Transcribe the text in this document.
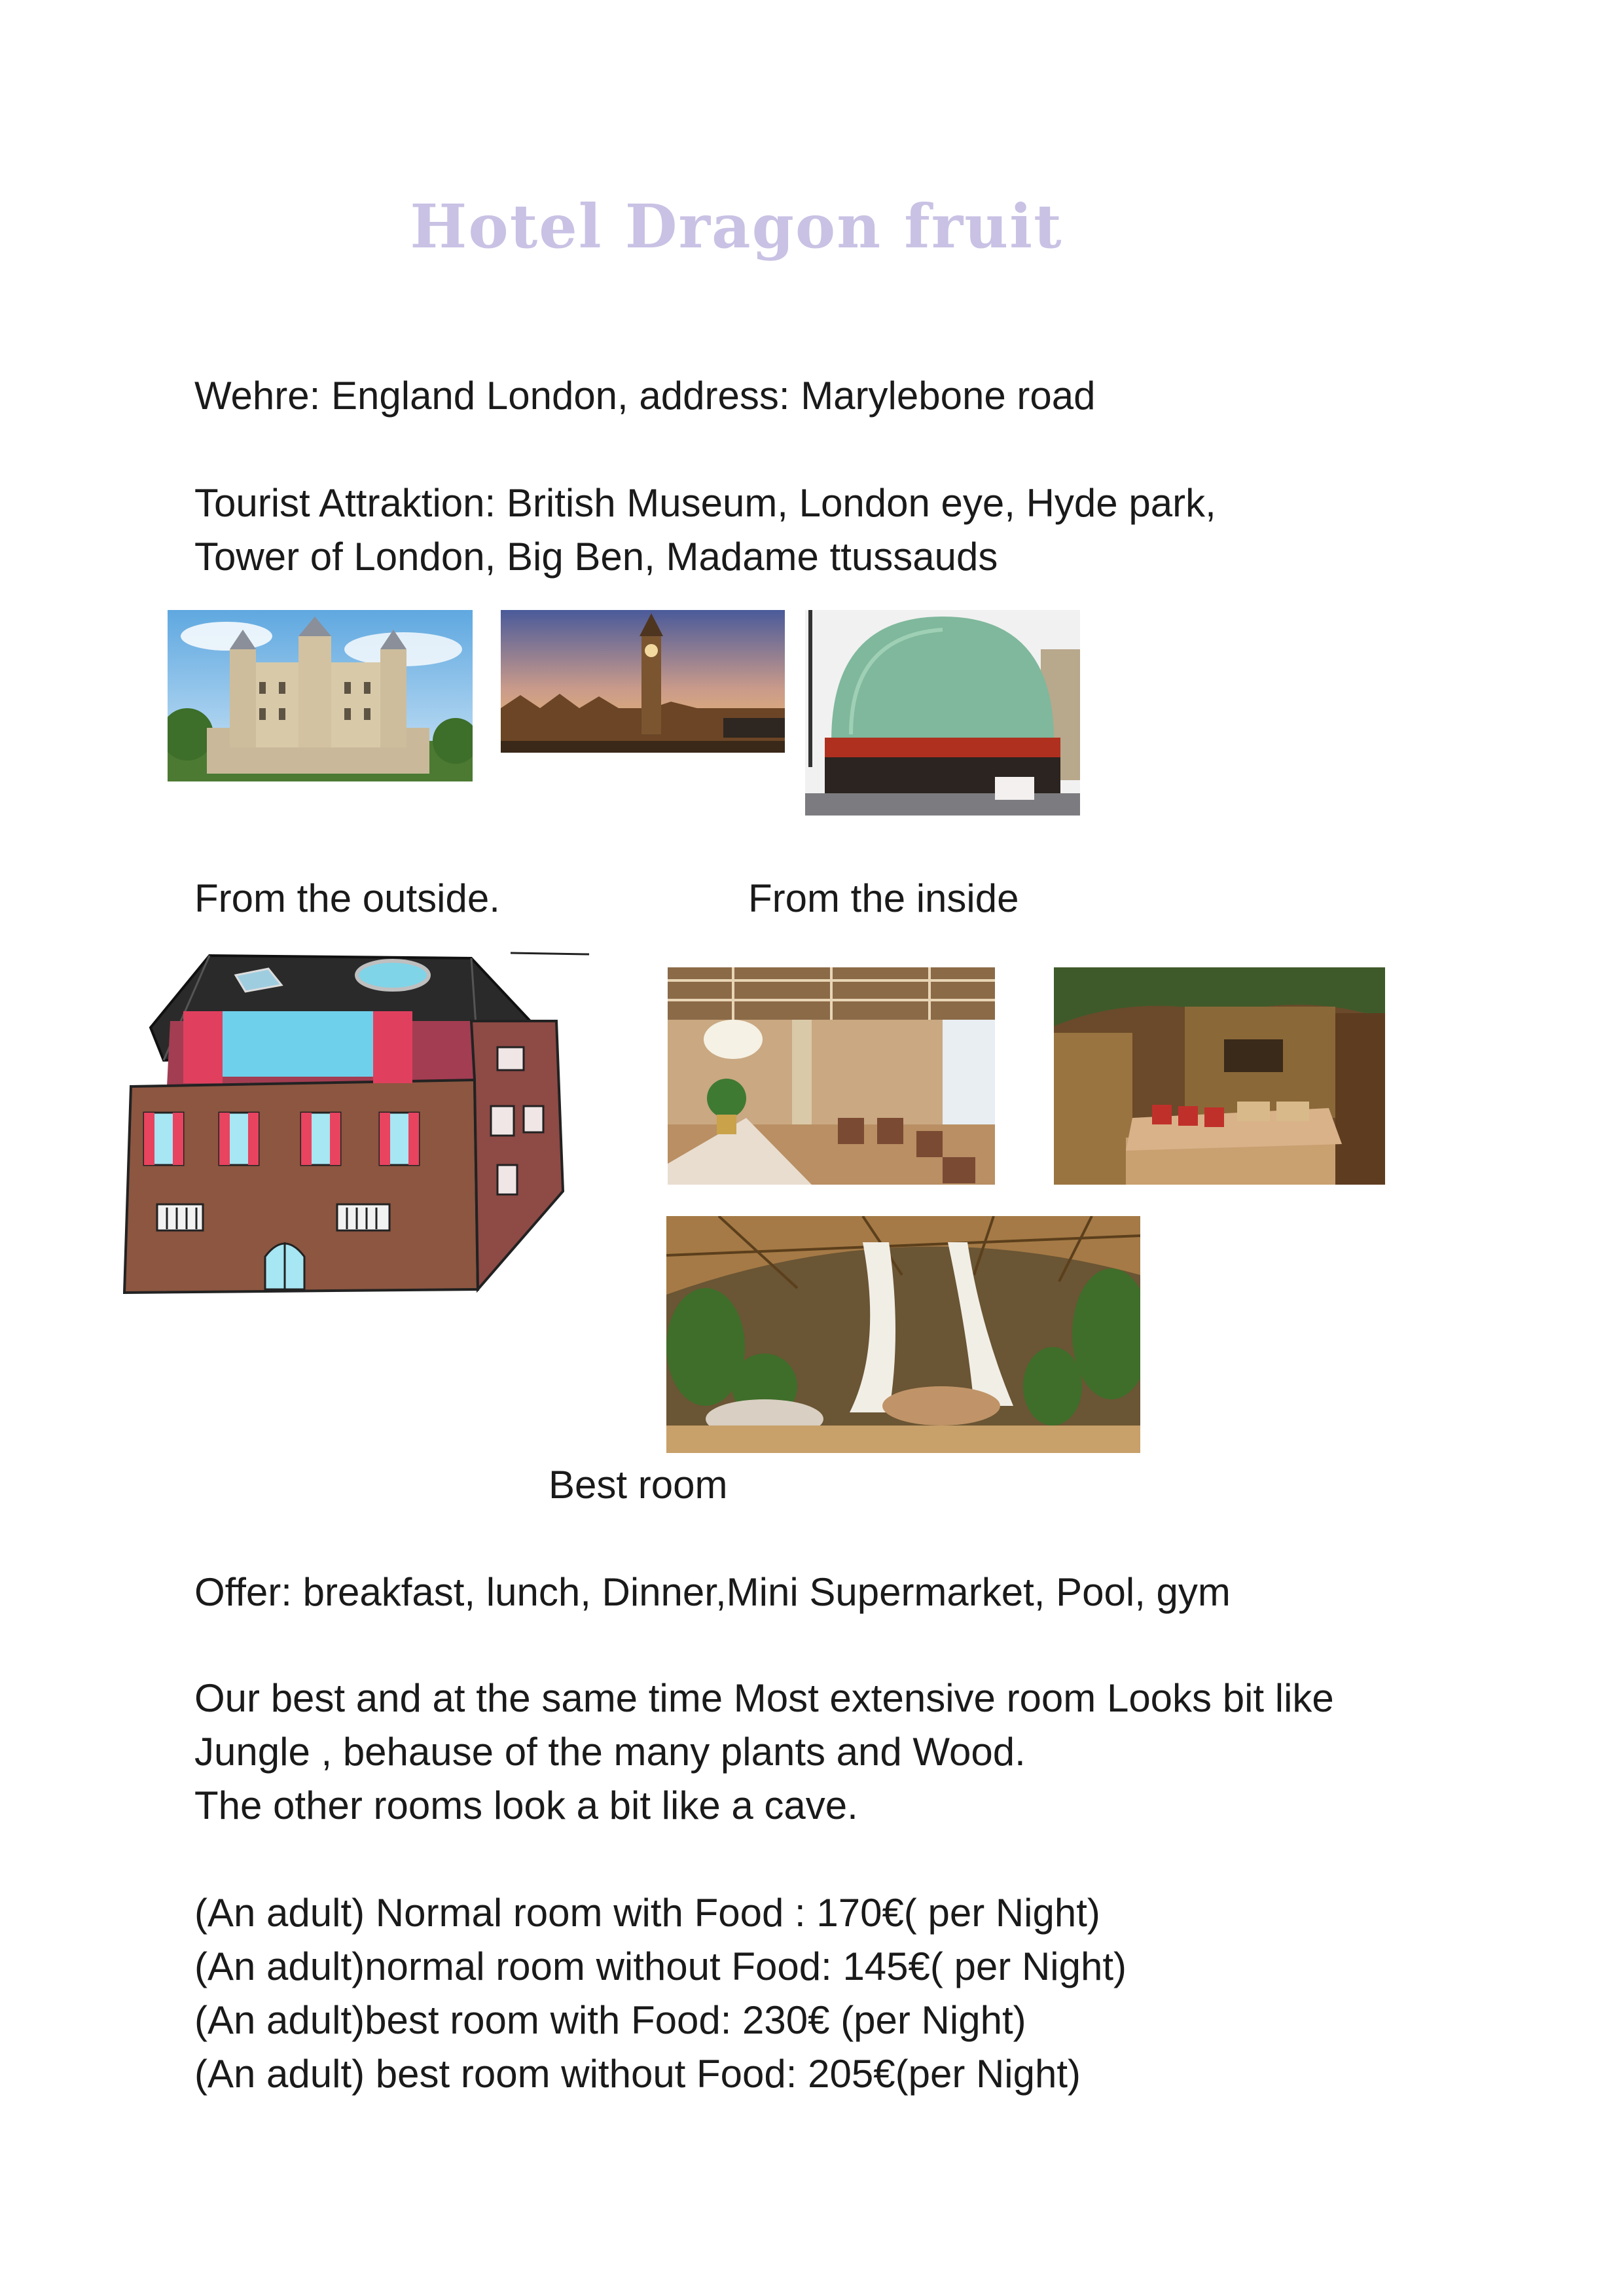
Hotel Dragon fruit
Wehre: England London, address: Marylebone road
Tourist Attraktion: British Museum, London eye, Hyde park,
Tower of London, Big Ben, Madame ttussauds
From the outside.	From the inside
Best room
Offer: breakfast, lunch, Dinner,Mini Supermarket, Pool, gym
Our best and at the same time Most extensive room Looks bit like
Jungle , behause of the many plants and Wood.
The other rooms look a bit like a cave.
(An adult) Normal room with Food : 170€( per Night)
(An adult)normal room without Food: 145€( per Night)
(An adult)best room with Food: 230€ (per Night)
(An adult) best room without Food: 205€(per Night)
